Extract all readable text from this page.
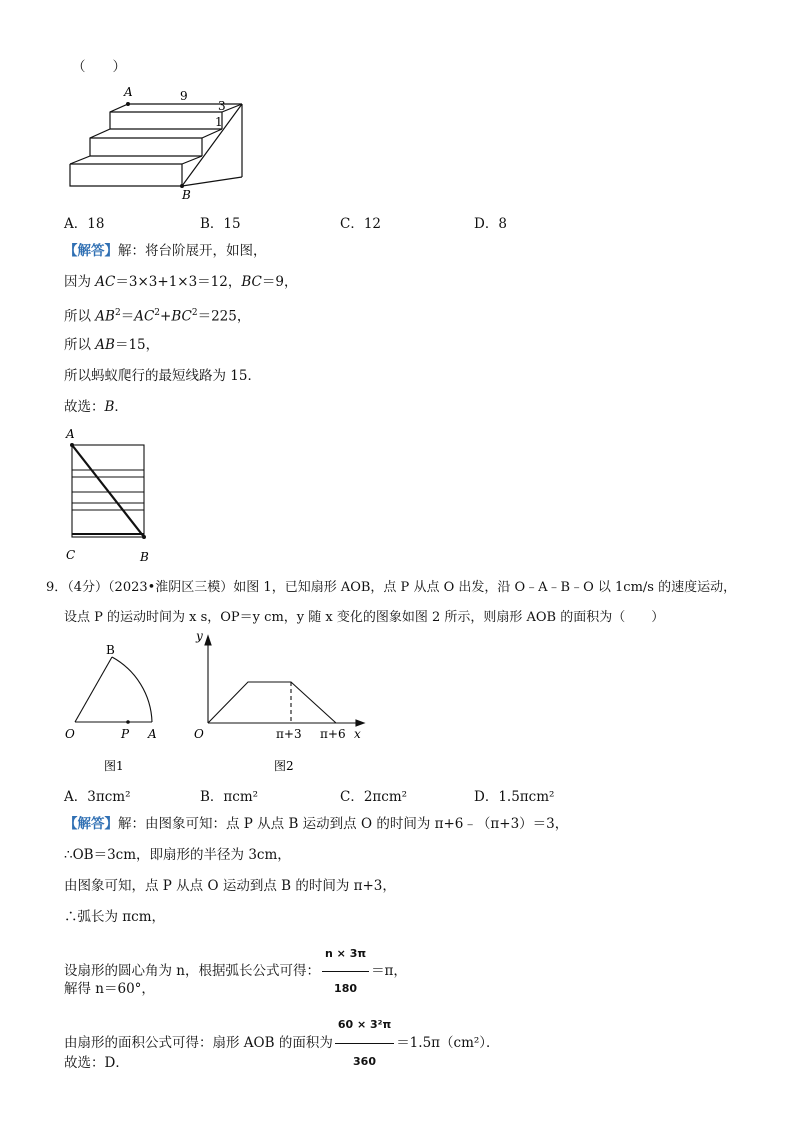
（　　）
A	9
3
1
B
A．18	B．15	C．12	D．8
【解答】解：将台阶展开，如图，
因为 AC＝3×3+1×3＝12，BC＝9，
所以 $AB^2=AC^2+BC^2=225$，
所以 AB＝15，
所以蚂蚁爬行的最短线路为 15．
故选：B．
A
C	B
9．（4分）（2023•淮阴区三模）如图 1，已知扇形 AOB，点 P 从点 O 出发，沿 O﹣A﹣B﹣O 以 1cm/s 的速度运动，
设点 P 的运动时间为 x s，OP＝y cm，y 随 x 变化的图象如图 2 所示，则扇形 AOB 的面积为（　　）
B
O	P A
图1
y
O	π+3 π+6 x
图2
A．3πcm²	B．πcm²	C．2πcm²	D．1.5πcm²
【解答】解：由图象可知：点 P 从点 B 运动到点 O 的时间为 π+6﹣（π+3）＝3，
∴OB＝3cm，即扇形的半径为 3cm，
由图象可知，点 P 从点 O 运动到点 B 的时间为 π+3，
∴弧长为 πcm，
设扇形的圆心角为 n，根据弧长公式可得： $\frac{n \times 3\pi}{180} =\pi$，
解得 n＝60°，
由扇形的面积公式可得：扇形 AOB 的面积为 $\frac{\text{60 × 3²π}}{360} =1.5\pi(cm^2)$．
故选：D．
